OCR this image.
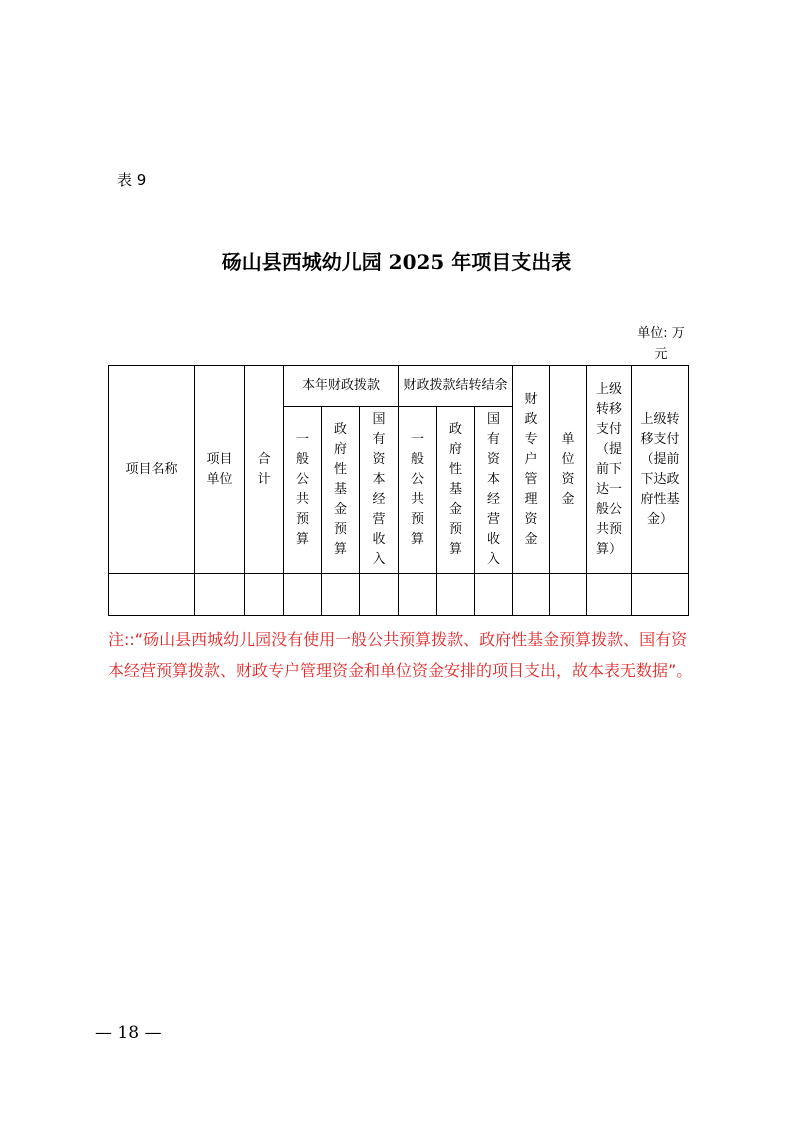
表 9
砀山县西城幼儿园 2025 年项目支出表
单位: 万元
项目名称	项目单位	合计	本年财政拨款			财政拨款结转结余			财政专户管理资金	单位资金	上级转移支付（提前下达一般公共预算）	上级转移支付（提前下达政府性基金）

			一般公共预算	政府性基金预算	国有资本经营收入	一般公共预算	政府性基金预算	国有资本经营收入				

注::“砀山县西城幼儿园没有使用一般公共预算拨款、政府性基金预算拨款、国有资本经营预算拨款、财政专户管理资金和单位资金安排的项目支出，故本表无数据”。
— 18 —
